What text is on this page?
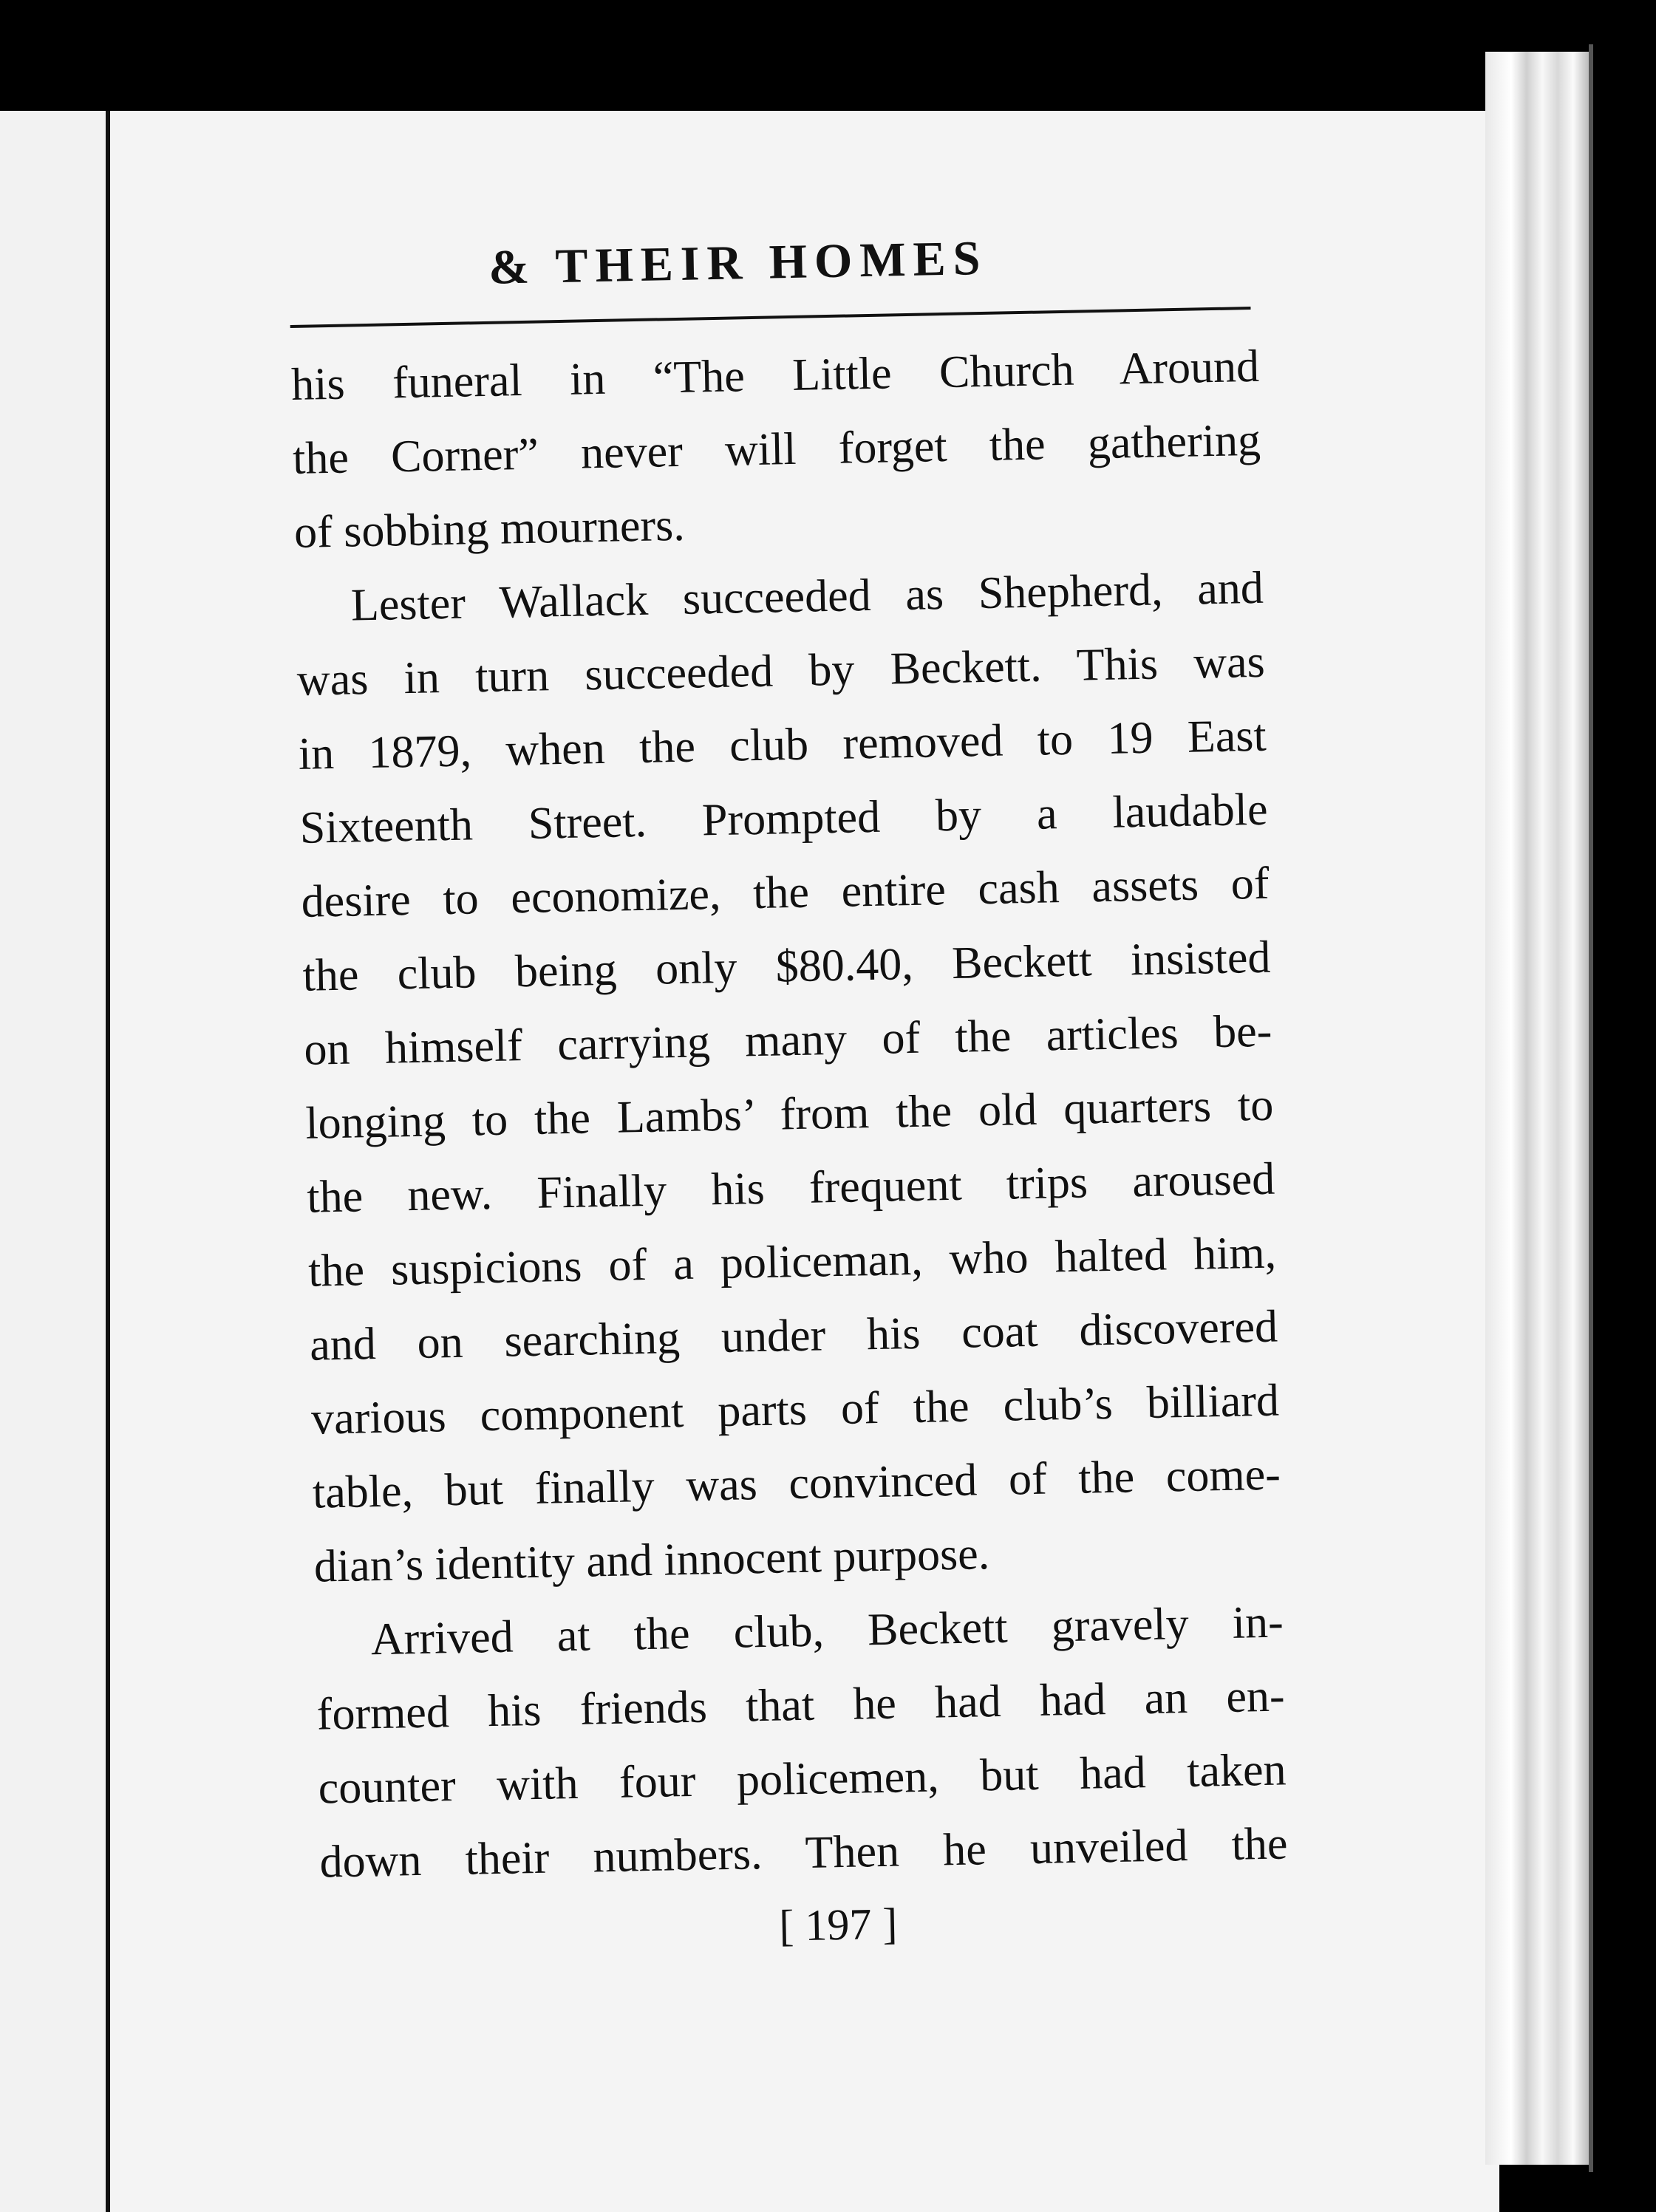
& THEIR HOMES
his funeral in “The Little Church Around
the Corner” never will forget the gathering
of sobbing mourners.
Lester Wallack succeeded as Shepherd, and
was in turn succeeded by Beckett. This was
in 1879, when the club removed to 19 East
Sixteenth Street. Prompted by a laudable
desire to economize, the entire cash assets of
the club being only $80.40, Beckett insisted
on himself carrying many of the articles be-
longing to the Lambs’ from the old quarters to
the new. Finally his frequent trips aroused
the suspicions of a policeman, who halted him,
and on searching under his coat discovered
various component parts of the club’s billiard
table, but finally was convinced of the come-
dian’s identity and innocent purpose.
Arrived at the club, Beckett gravely in-
formed his friends that he had had an en-
counter with four policemen, but had taken
down their numbers. Then he unveiled the
[ 197 ]
